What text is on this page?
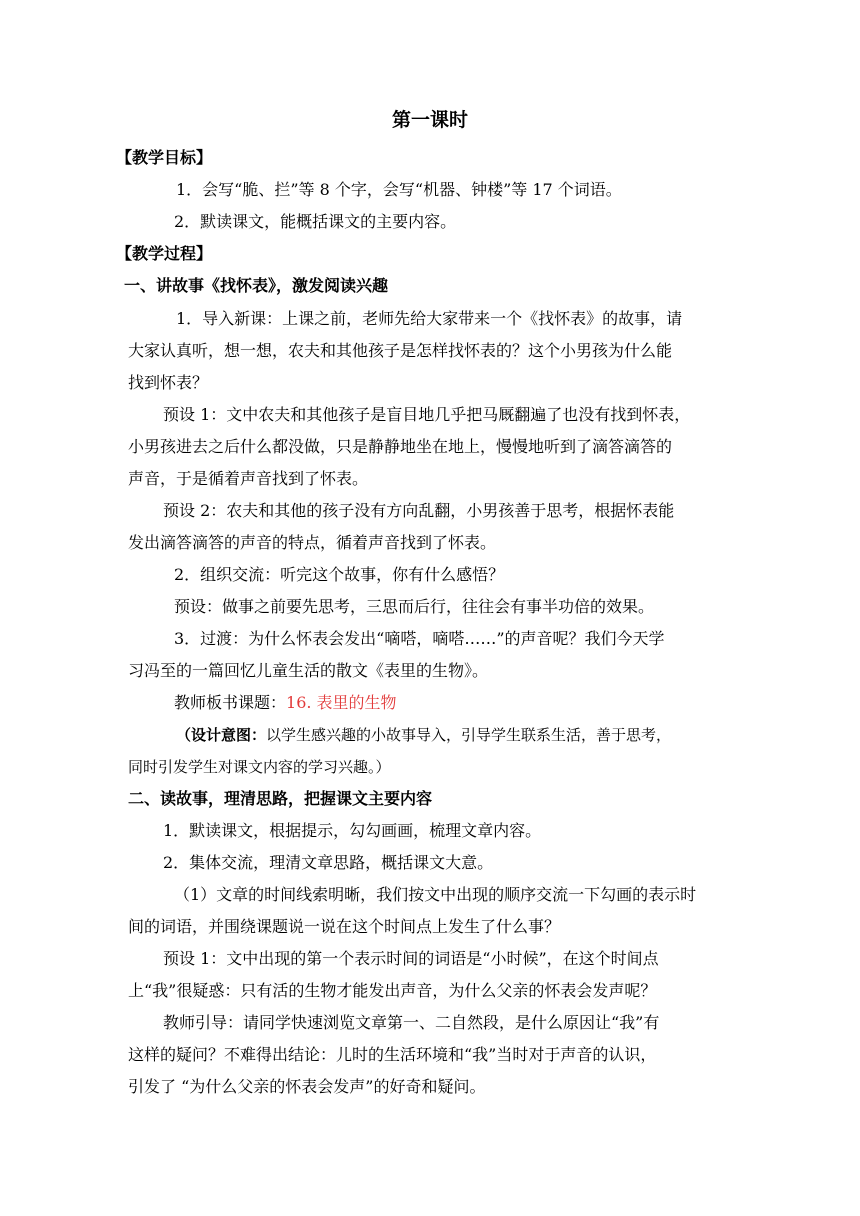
第一课时
【教学目标】
1．会写“脆、拦”等 8 个字，会写“机器、钟楼”等 17 个词语。
2．默读课文，能概括课文的主要内容。
【教学过程】
一、讲故事《找怀表》，激发阅读兴趣
1．导入新课：上课之前，老师先给大家带来一个《找怀表》的故事，请
大家认真听，想一想，农夫和其他孩子是怎样找怀表的？这个小男孩为什么能
找到怀表？
预设 1：文中农夫和其他孩子是盲目地几乎把马厩翻遍了也没有找到怀表，
小男孩进去之后什么都没做，只是静静地坐在地上，慢慢地听到了滴答滴答的
声音，于是循着声音找到了怀表。
预设 2：农夫和其他的孩子没有方向乱翻，小男孩善于思考，根据怀表能
发出滴答滴答的声音的特点，循着声音找到了怀表。
2．组织交流：听完这个故事，你有什么感悟？
预设：做事之前要先思考，三思而后行，往往会有事半功倍的效果。
3．过渡：为什么怀表会发出“嘀嗒，嘀嗒……”的声音呢？我们今天学
习冯至的一篇回忆儿童生活的散文《表里的生物》。
教师板书课题：16. 表里的生物
（设计意图：以学生感兴趣的小故事导入，引导学生联系生活，善于思考，
同时引发学生对课文内容的学习兴趣。）
二、读故事，理清思路，把握课文主要内容
1．默读课文，根据提示，勾勾画画，梳理文章内容。
2．集体交流，理清文章思路，概括课文大意。
（1）文章的时间线索明晰，我们按文中出现的顺序交流一下勾画的表示时
间的词语，并围绕课题说一说在这个时间点上发生了什么事？
预设 1：文中出现的第一个表示时间的词语是“小时候”，在这个时间点
上“我”很疑惑：只有活的生物才能发出声音，为什么父亲的怀表会发声呢？
教师引导：请同学快速浏览文章第一、二自然段，是什么原因让“我”有
这样的疑问？不难得出结论：儿时的生活环境和“我”当时对于声音的认识，
引发了 “为什么父亲的怀表会发声”的好奇和疑问。
